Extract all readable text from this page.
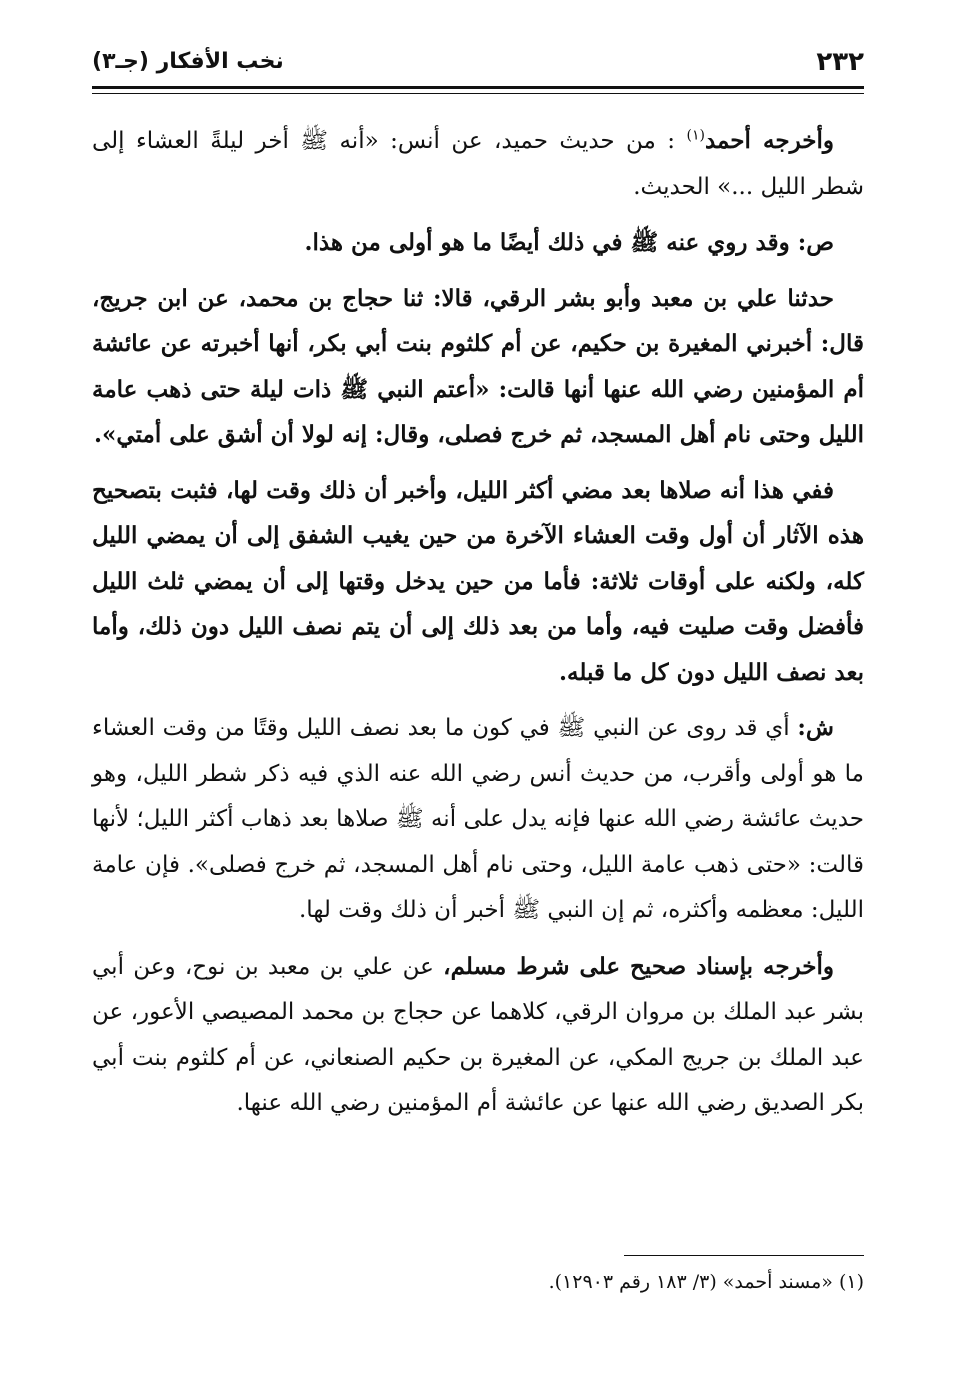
٢٣٢
نخب الأفكار (جـ٣)

وأخرجه أحمد$^{(١)}$ : من حديث حميد، عن أنس: «أنه ﷺ أخر ليلةً العشاء إلى شطر الليل ...» الحديث.

ص: وقد روي عنه ﷺ في ذلك أيضًا ما هو أولى من هذا.

حدثنا علي بن معبد وأبو بشر الرقي، قالا: ثنا حجاج بن محمد، عن ابن جريج، قال: أخبرني المغيرة بن حكيم، عن أم كلثوم بنت أبي بكر، أنها أخبرته عن عائشة أم المؤمنين رضي الله عنها أنها قالت: «أعتم النبي ﷺ ذات ليلة حتى ذهب عامة الليل وحتى نام أهل المسجد، ثم خرج فصلى، وقال: إنه لولا أن أشق على أمتي».

ففي هذا أنه صلاها بعد مضي أكثر الليل، وأخبر أن ذلك وقت لها، فثبت بتصحيح هذه الآثار أن أول وقت العشاء الآخرة من حين يغيب الشفق إلى أن يمضي الليل كله، ولكنه على أوقات ثلاثة: فأما من حين يدخل وقتها إلى أن يمضي ثلث الليل فأفضل وقت صليت فيه، وأما من بعد ذلك إلى أن يتم نصف الليل دون ذلك، وأما بعد نصف الليل دون كل ما قبله.

ش: أي قد روى عن النبي ﷺ في كون ما بعد نصف الليل وقتًا من وقت العشاء ما هو أولى وأقرب، من حديث أنس رضي الله عنه الذي فيه ذكر شطر الليل، وهو حديث عائشة رضي الله عنها فإنه يدل على أنه ﷺ صلاها بعد ذهاب أكثر الليل؛ لأنها قالت: «حتى ذهب عامة الليل، وحتى نام أهل المسجد، ثم خرج فصلى». فإن عامة الليل: معظمه وأكثره، ثم إن النبي ﷺ أخبر أن ذلك وقت لها.

وأخرجه بإسناد صحيح على شرط مسلم، عن علي بن معبد بن نوح، وعن أبي بشر عبد الملك بن مروان الرقي، كلاهما عن حجاج بن محمد المصيصي الأعور، عن عبد الملك بن جريج المكي، عن المغيرة بن حكيم الصنعاني، عن أم كلثوم بنت أبي بكر الصديق رضي الله عنها عن عائشة أم المؤمنين رضي الله عنها.

(١) «مسند أحمد» (٣/ ١٨٣ رقم ١٢٩٠٣).
